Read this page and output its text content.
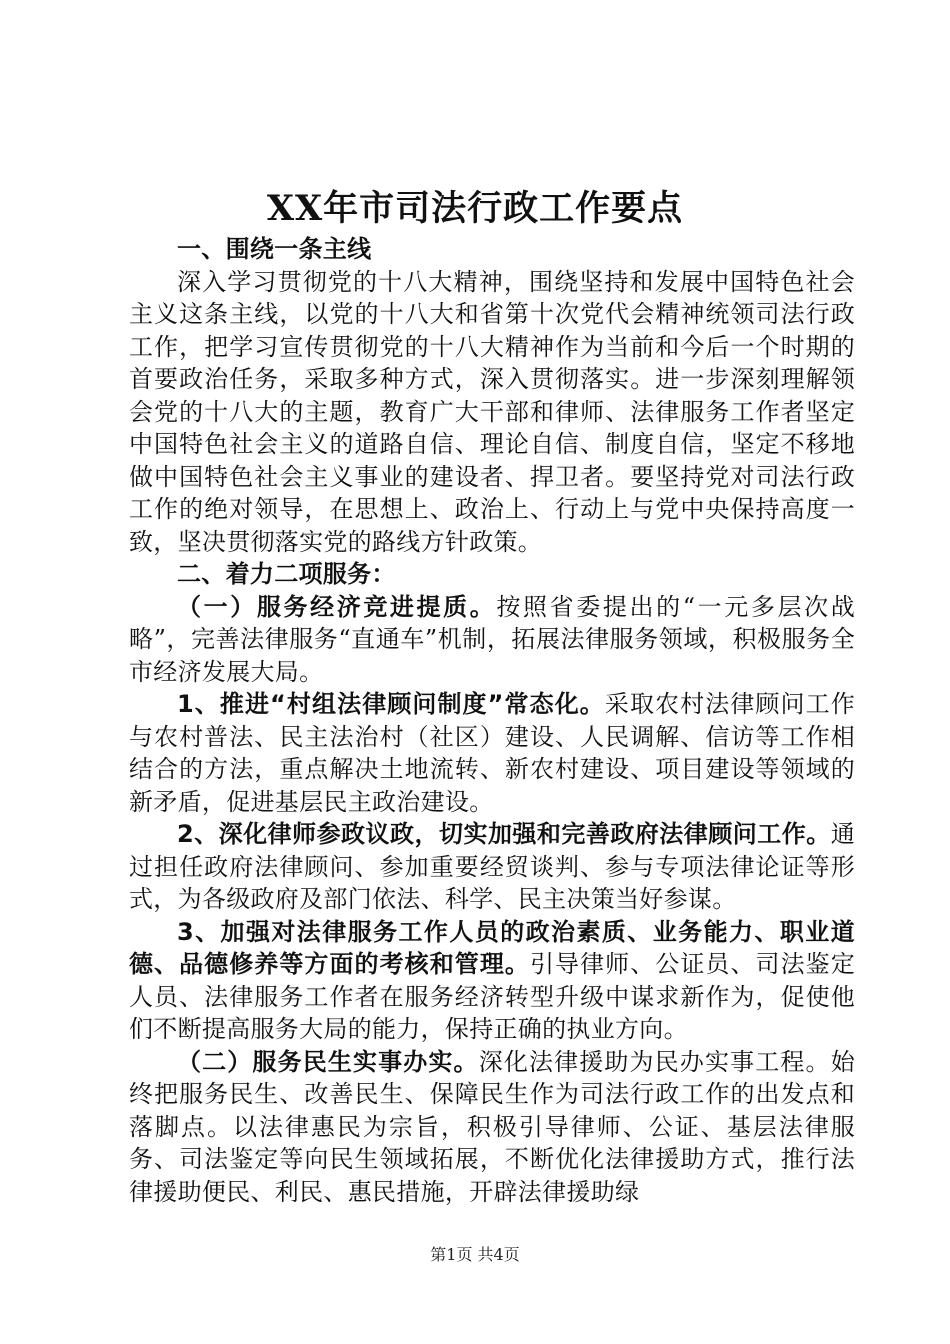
XX年市司法行政工作要点

一、围绕一条主线

深入学习贯彻党的十八大精神，围绕坚持和发展中国特色社会主义这条主线，以党的十八大和省第十次党代会精神统领司法行政工作，把学习宣传贯彻党的十八大精神作为当前和今后一个时期的首要政治任务，采取多种方式，深入贯彻落实。进一步深刻理解领会党的十八大的主题，教育广大干部和律师、法律服务工作者坚定中国特色社会主义的道路自信、理论自信、制度自信，坚定不移地做中国特色社会主义事业的建设者、捍卫者。要坚持党对司法行政工作的绝对领导，在思想上、政治上、行动上与党中央保持高度一致，坚决贯彻落实党的路线方针政策。

二、着力二项服务：

（一）服务经济竞进提质。按照省委提出的“一元多层次战略”，完善法律服务“直通车”机制，拓展法律服务领域，积极服务全市经济发展大局。

1、推进“村组法律顾问制度”常态化。采取农村法律顾问工作与农村普法、民主法治村（社区）建设、人民调解、信访等工作相结合的方法，重点解决土地流转、新农村建设、项目建设等领域的新矛盾，促进基层民主政治建设。

2、深化律师参政议政，切实加强和完善政府法律顾问工作。通过担任政府法律顾问、参加重要经贸谈判、参与专项法律论证等形式，为各级政府及部门依法、科学、民主决策当好参谋。

3、加强对法律服务工作人员的政治素质、业务能力、职业道德、品德修养等方面的考核和管理。引导律师、公证员、司法鉴定人员、法律服务工作者在服务经济转型升级中谋求新作为，促使他们不断提高服务大局的能力，保持正确的执业方向。

（二）服务民生实事办实。深化法律援助为民办实事工程。始终把服务民生、改善民生、保障民生作为司法行政工作的出发点和落脚点。以法律惠民为宗旨，积极引导律师、公证、基层法律服务、司法鉴定等向民生领域拓展，不断优化法律援助方式，推行法律援助便民、利民、惠民措施，开辟法律援助绿

第1页 共4页
